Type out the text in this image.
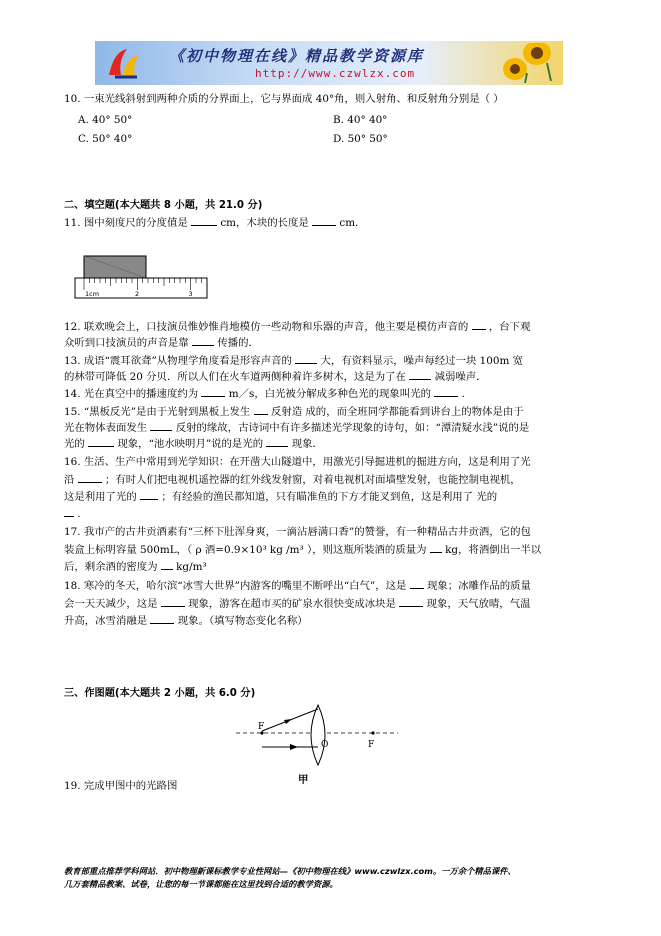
《初中物理在线》精品教学资源库
http://www.czwlzx.com
10. 一束光线斜射到两种介质的分界面上，它与界面成 40°角，则入射角、和反射角分别是（ ）
A. 40° 50°	B. 40° 40°
C. 50° 40°	D. 50° 50°
二、填空题(本大题共 8 小题，共 21.0 分)
11. 图中刻度尺的分度值是	cm，木块的长度是	cm．
1cm	2	3
12. 联欢晚会上，口技演员惟妙惟肖地模仿一些动物和乐器的声音，他主要是模仿声音的 ，台下观
众听到口技演员的声音是靠	传播的．
13. 成语“震耳欲聋”从物理学角度看是形容声音的	大，有资料显示，噪声每经过一块 100m 宽
的林带可降低 20 分贝．所以人们在火车道两侧种着许多树木，这是为了在	减弱噪声．
14. 光在真空中的播速度约为	m／s，白光被分解成多种色光的现象叫光的	.
15. “黑板反光”是由于光射到黑板上发生 反射造 成的，而全班同学都能看到讲台上的物体是由于
光在物体表面发生	反射的缘故，古诗词中有许多描述光学现象的诗句，如：“潭清疑水浅”说的是
光的	现象，“池水映明月”说的是光的	现象．
16. 生活、生产中常用到光学知识：在开凿大山隧道中，用激光引导掘进机的掘进方向，这是利用了光
沿	；有时人们把电视机遥控器的红外线发射窗，对着电视机对面墙壁发射，也能控制电视机，
这是利用了光的 ；有经验的渔民都知道，只有瞄准鱼的下方才能叉到鱼，这是利用了 光的
.
17. 我市产的古井贡酒素有“三杯下肚浑身爽，一滴沾唇满口香”的赞誉，有一种精品古井贡酒，它的包
装盒上标明容量 500mL，（ ρ 酒=0.9×10³ kg /m³ ），则这瓶所装酒的质量为 kg，将酒倒出一半以
后，剩余酒的密度为 kg/m³
18. 寒冷的冬天，哈尔滨“冰雪大世界”内游客的嘴里不断呼出“白气”，这是 现象；冰雕作品的质量
会一天天减少，这是	现象，游客在超市买的矿泉水很快变成冰块是	现象，天气放晴，气温
升高，冰雪消融是	现象。（填写物态变化名称）
三、作图题(本大题共 2 小题，共 6.0 分)
F
O	F
甲
19. 完成甲图中的光路图
教育部重点推荐学科网站．初中物理新课标教学专业性网站—《初中物理在线》www.czwlzx.com。一万余个精品课件、
几万套精品教案、试卷，让您的每一节课都能在这里找到合适的教学资源。
